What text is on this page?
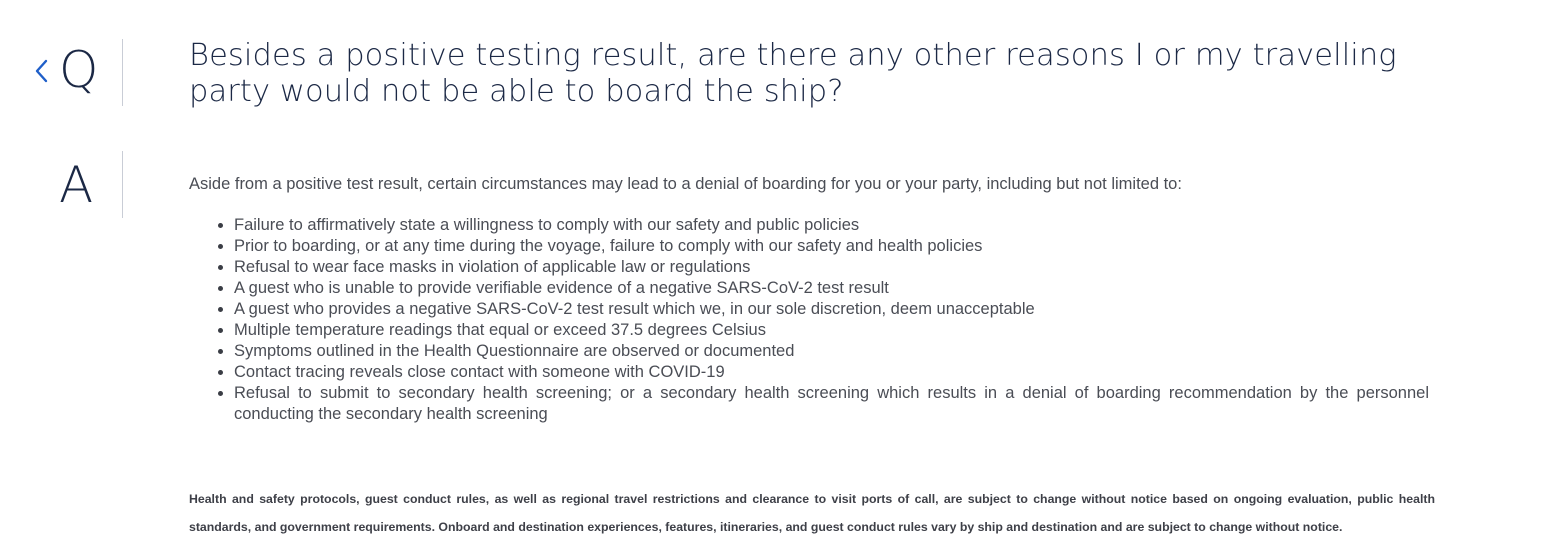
Q	Besides a positive testing result, are there any other reasons I or my travelling party would not be able to board the ship?
A	Aside from a positive test result, certain circumstances may lead to a denial of boarding for you or your party, including but not limited to:

• Failure to affirmatively state a willingness to comply with our safety and public policies
• Prior to boarding, or at any time during the voyage, failure to comply with our safety and health policies
• Refusal to wear face masks in violation of applicable law or regulations
• A guest who is unable to provide verifiable evidence of a negative SARS-CoV-2 test result
• A guest who provides a negative SARS-CoV-2 test result which we, in our sole discretion, deem unacceptable
• Multiple temperature readings that equal or exceed 37.5 degrees Celsius
• Symptoms outlined in the Health Questionnaire are observed or documented
• Contact tracing reveals close contact with someone with COVID-19
• Refusal to submit to secondary health screening; or a secondary health screening which results in a denial of boarding recommendation by the personnel conducting the secondary health screening

Health and safety protocols, guest conduct rules, as well as regional travel restrictions and clearance to visit ports of call, are subject to change without notice based on ongoing evaluation, public health standards, and government requirements. Onboard and destination experiences, features, itineraries, and guest conduct rules vary by ship and destination and are subject to change without notice.
